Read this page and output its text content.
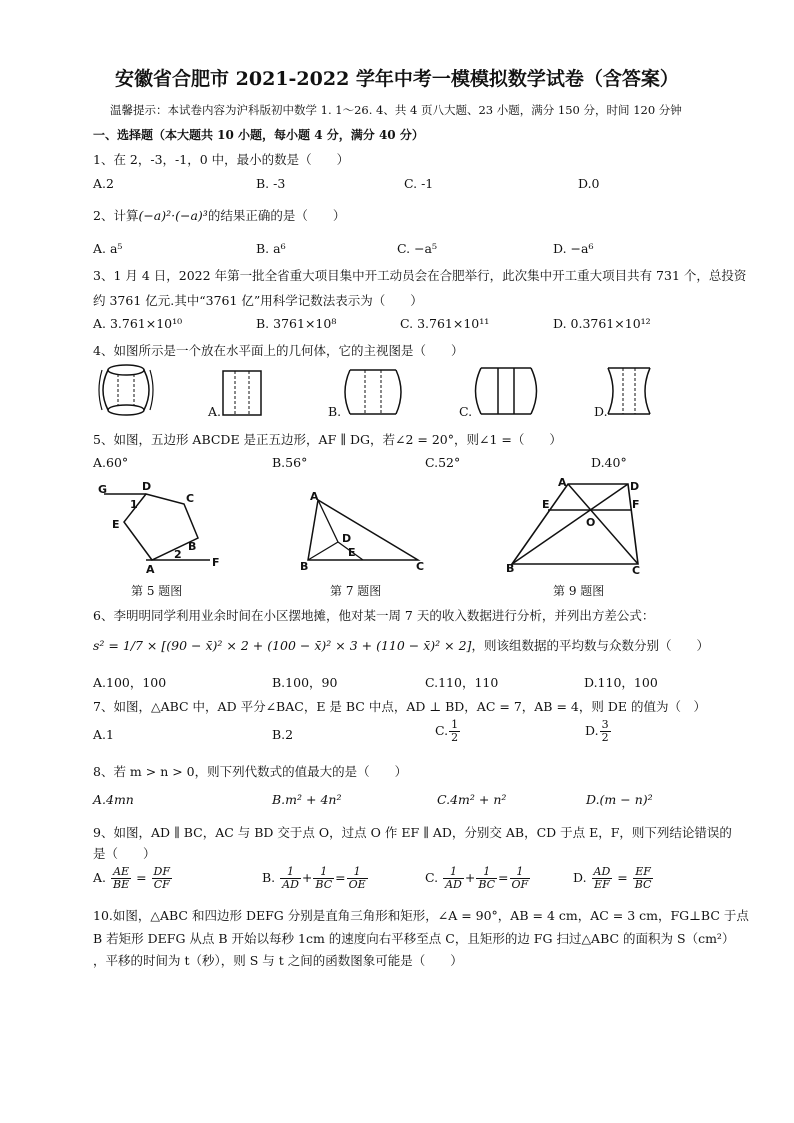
安徽省合肥市 2021-2022 学年中考一模模拟数学试卷（含答案）
温馨提示：本试卷内容为沪科版初中数学 1. 1～26. 4、共 4 页八大题、23 小题，满分 150 分，时间 120 分钟
一、选择题（本大题共 10 小题，每小题 4 分，满分 40 分）
1、在 2，-3，-1，0 中，最小的数是（　　）
A.2	B. -3	C. -1	D.0
2、计算(−a)²·(−a)³的结果正确的是（　　）
A. a⁵	B. a⁶	C. −a⁵	D. −a⁶
3、1 月 4 日，2022 年第一批全省重大项目集中开工动员会在合肥举行，此次集中开工重大项目共有 731 个，总投资
约 3761 亿元.其中“3761 亿”用科学记数法表示为（　　）
A. 3.761×10¹⁰	B. 3761×10⁸	C. 3.761×10¹¹	D. 0.3761×10¹²
4、如图所示是一个放在水平面上的几何体，它的主视图是（　　）
A.	B.	C.	D.
5、如图，五边形 ABCDE 是正五边形，AF ∥ DG，若∠2 = 20°，则∠1 =（　　）
A.60°	B.56°	C.52°	D.40°
G	D
C
E
1
A
2
B
F
第 5 题图
A
D
E
B	C
第 7 题图
A	D
E
O
F
B	C
第 9 题图
6、李明明同学利用业余时间在小区摆地摊，他对某一周 7 天的收入数据进行分析，并列出方差公式：
s² = 1/7 × [(90 − x̄)² × 2 + (100 − x̄)² × 3 + (110 − x̄)² × 2]，则该组数据的平均数与众数分别（　　）
A.100，100	B.100，90	C.110，110	D.110，100
7、如图，△ABC 中，AD 平分∠BAC，E 是 BC 中点，AD ⊥ BD，AC = 7，AB = 4，则 DE 的值为（　）
A.1	B.2	C. $\frac{1}{2}$	D. $\frac{3}{2}$
8、若 m > n > 0，则下列代数式的值最大的是（　　）
A.4mn	B.m² + 4n²	C.4m² + n²	D.(m − n)²
9、如图，AD ∥ BC，AC 与 BD 交于点 O，过点 O 作 EF ∥ AD，分别交 AB，CD 于点 E，F，则下列结论错误的
是（　　）
A. $\frac{AE}{BE} = \frac{DF}{CF}$	B. $\frac{1}{AD} + \frac{1}{BC} = \frac{1}{OE}$	C. $\frac{1}{AD} + \frac{1}{BC} = \frac{1}{OF}$	D. $\frac{AD}{EF} = \frac{EF}{BC}$
10.如图，△ABC 和四边形 DEFG 分别是直角三角形和矩形，∠A = 90°，AB = 4 cm，AC = 3 cm，FG⊥BC 于点
B 若矩形 DEFG 从点 B 开始以每秒 1cm 的速度向右平移至点 C，且矩形的边 FG 扫过△ABC 的面积为 S（cm²）
，平移的时间为 t（秒），则 S 与 t 之间的函数图象可能是（　　）
